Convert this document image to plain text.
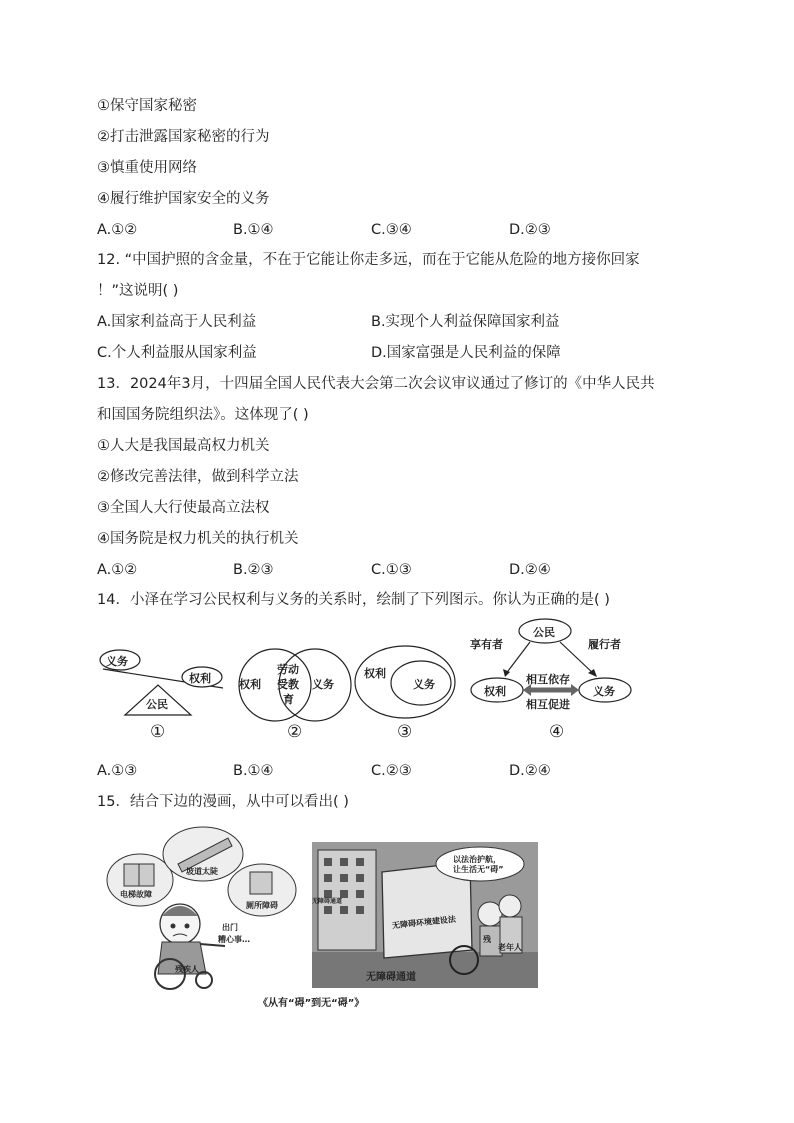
①保守国家秘密
②打击泄露国家秘密的行为
③慎重使用网络
④履行维护国家安全的义务
A.①②	B.①④	C.③④	D.②③
12. “中国护照的含金量，不在于它能让你走多远，而在于它能从危险的地方接你回家
！”这说明( )
A.国家利益高于人民利益	B.实现个人利益保障国家利益
C.个人利益服从国家利益	D.国家富强是人民利益的保障
13．2024年3月，十四届全国人民代表大会第二次会议审议通过了修订的《中华人民共
和国国务院组织法》。这体现了( )
①人大是我国最高权力机关
②修改完善法律，做到科学立法
③全国人大行使最高立法权
④国务院是权力机关的执行机关
A.①②	B.②③	C.①③	D.②④
14．小泽在学习公民权利与义务的关系时，绘制了下列图示。你认为正确的是( )
义务
权利
公民
①
权利
劳动
受教
育
义务
②
权利
义务
③
公民
享有者	履行者
权利	义务
相互依存
相互促进
④
A.①③	B.①④	C.②③	D.②④
15．结合下边的漫画，从中可以看出( )
坡道太陡
电梯故障
厕所障碍
出门
糟心事…
残疾人
以法治护航，
让生活无“碍”
无障碍环境建设法
无障碍通道
老年人
残
无障碍通道
《从有“碍”到无“碍”》
